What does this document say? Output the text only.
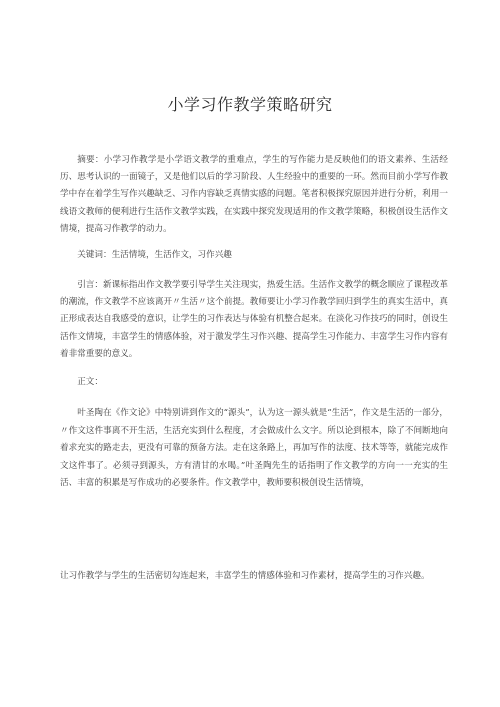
小学习作教学策略研究

摘要：小学习作教学是小学语文教学的重难点，学生的写作能力是反映他们的语文素养、生活经历、思考认识的一面镜子，又是他们以后的学习阶段、人生经验中的重要的一环。然而目前小学写作教学中存在着学生写作兴趣缺乏、习作内容缺乏真情实感的问题。笔者积极探究原因并进行分析，利用一线语文教师的便利进行生活作文教学实践，在实践中探究发现适用的作文教学策略，积极创设生活作文情境，提高习作教学的动力。

关键词：生活情境，生活作文，习作兴趣

引言：新课标指出作文教学要引导学生关注现实，热爱生活。生活作文教学的概念顺应了课程改革的潮流，作文教学不应该离开〃生活〃这个前提。教师要让小学习作教学回归到学生的真实生活中，真正形成表达自我感受的意识，让学生的习作表达与体验有机整合起来。在淡化习作技巧的同时，创设生活作文情境，丰富学生的情感体验，对于激发学生习作兴趣、提高学生习作能力、丰富学生习作内容有着非常重要的意义。

正文：

叶圣陶在《作文论》中特别讲到作文的“源头”，认为这一源头就是“生活”，作文是生活的一部分，〃作文这件事离不开生活，生活充实到什么程度，才会做成什么文字。所以论到根本，除了不间断地向着求充实的路走去，更没有可靠的预备方法。走在这条路上，再加写作的法度、技术等等，就能完成作文这件事了。必须寻到源头，方有清甘的水喝。”叶圣陶先生的话指明了作文教学的方向一一充实的生活、丰富的积累是写作成功的必要条件。作文教学中，教师要积极创设生活情境，

让习作教学与学生的生活密切勾连起来，丰富学生的情感体验和习作素材，提高学生的习作兴趣。
